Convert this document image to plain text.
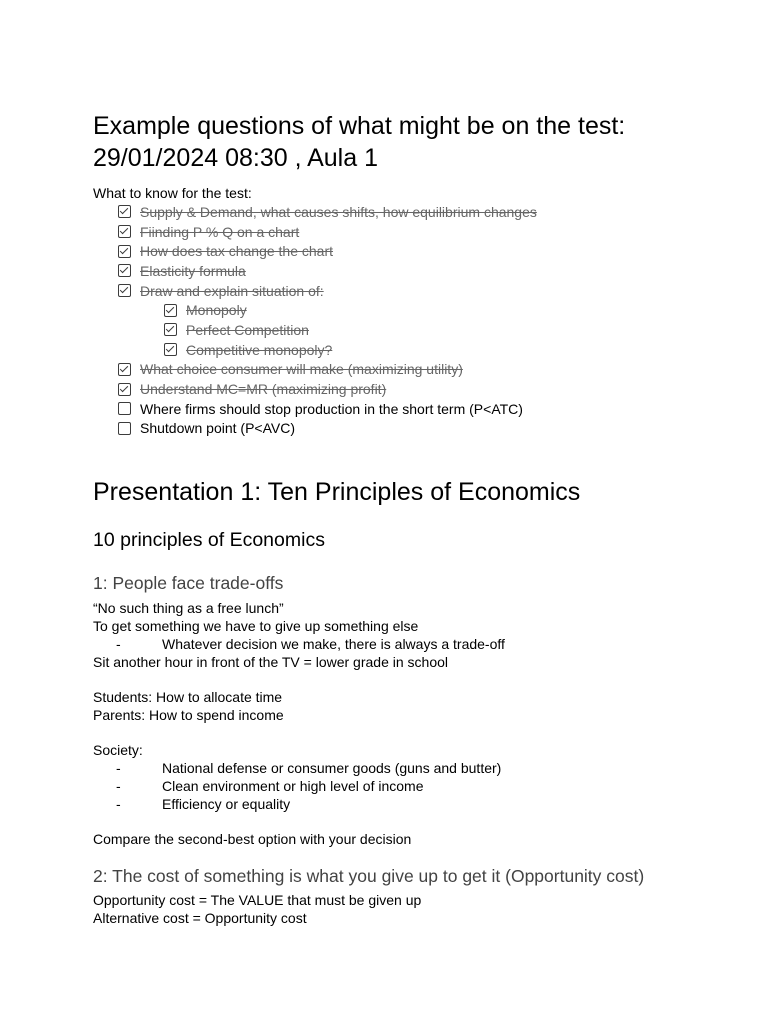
Example questions of what might be on the test:
29/01/2024 08:30 , Aula 1

What to know for the test:

Supply & Demand, what causes shifts, how equilibrium changes
Fiinding P % Q on a chart
How does tax change the chart
Elasticity formula
Draw and explain situation of:
Monopoly
Perfect Competition
Competitive monopoly?
What choice consumer will make (maximizing utility)
Understand MC=MR (maximizing profit)
Where firms should stop production in the short term (P<ATC)
Shutdown point (P<AVC)
Presentation 1: Ten Principles of Economics
10 principles of Economics
1: People face trade-offs

“No such thing as a free lunch”

To get something we have to give up something else

-	Whatever decision we make, there is always a trade-off

Sit another hour in front of the TV = lower grade in school

Students: How to allocate time

Parents: How to spend income

Society:

-	National defense or consumer goods (guns and butter)
-	Clean environment or high level of income
-	Efficiency or equality

Compare the second-best option with your decision

2: The cost of something is what you give up to get it (Opportunity cost)

Opportunity cost = The VALUE that must be given up

Alternative cost = Opportunity cost
